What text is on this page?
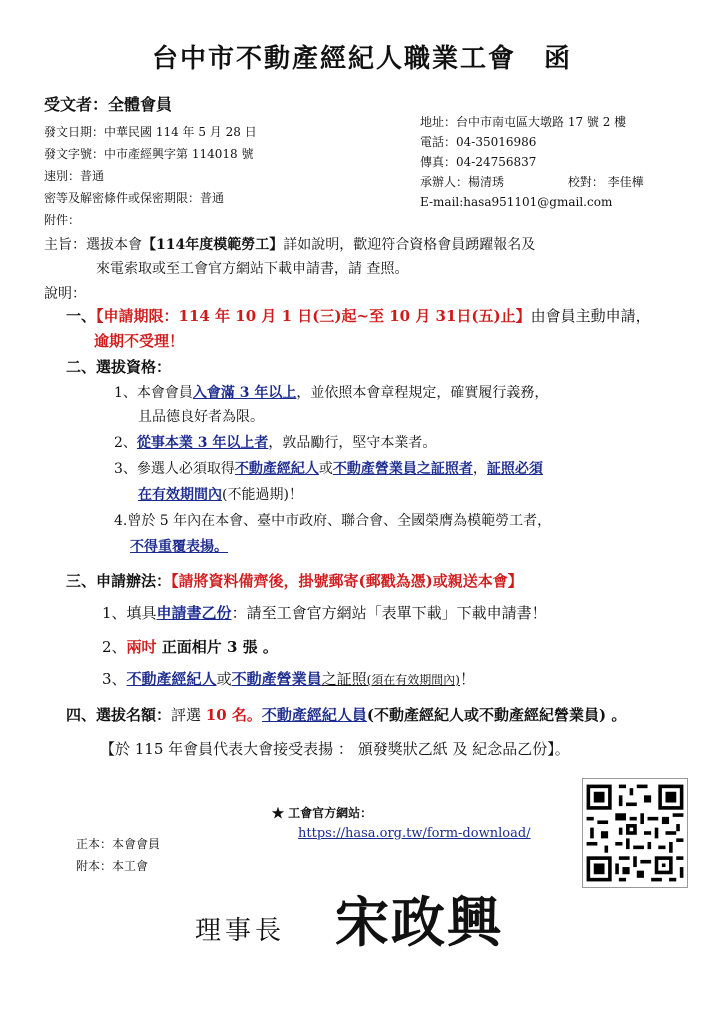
台中市不動產經紀人職業工會　函
受文者：全體會員
發文日期：中華民國 114 年 5 月 28 日
發文字號：中市產經興字第 114018 號
速別：普通
密等及解密條件或保密期限：普通
附件：
地址：台中市南屯區大墩路 17 號 2 樓
電話：04-35016986
傳真：04-24756837
承辦人：楊清琇	校對： 李佳樺
E-mail:hasa951101@gmail.com
主旨：選拔本會【114年度模範勞工】詳如說明，歡迎符合資格會員踴躍報名及
來電索取或至工會官方網站下載申請書，請 查照。
說明：
一、【申請期限：114 年 10 月 1 日(三)起~至 10 月 31日(五)止】由會員主動申請，
逾期不受理！
二、選拔資格：
1、本會會員入會滿 3 年以上，並依照本會章程規定，確實履行義務，
且品德良好者為限。
2、從事本業 3 年以上者，敦品勵行，堅守本業者。
3、參選人必須取得不動產經紀人或不動產營業員之証照者，証照必須
在有效期間內(不能過期)！
4.曾於 5 年內在本會、臺中市政府、聯合會、全國榮膺為模範勞工者，
不得重覆表揚。
三、申請辦法：【請將資料備齊後，掛號郵寄(郵戳為憑)或親送本會】
1、填具申請書乙份：請至工會官方網站「表單下載」下載申請書！
2、兩吋 正面相片 3 張 。
3、不動產經紀人或不動產營業員之証照(須在有效期間內)！
四、選拔名額：評選 10 名。不動產經紀人員(不動產經紀人或不動產經紀營業員) 。
【於 115 年會員代表大會接受表揚 ： 頒發獎狀乙紙 及 紀念品乙份】。
★ 工會官方網站：
https://hasa.org.tw/form-download/
正本：本會會員
附本：本工會
理事長 宋政興
